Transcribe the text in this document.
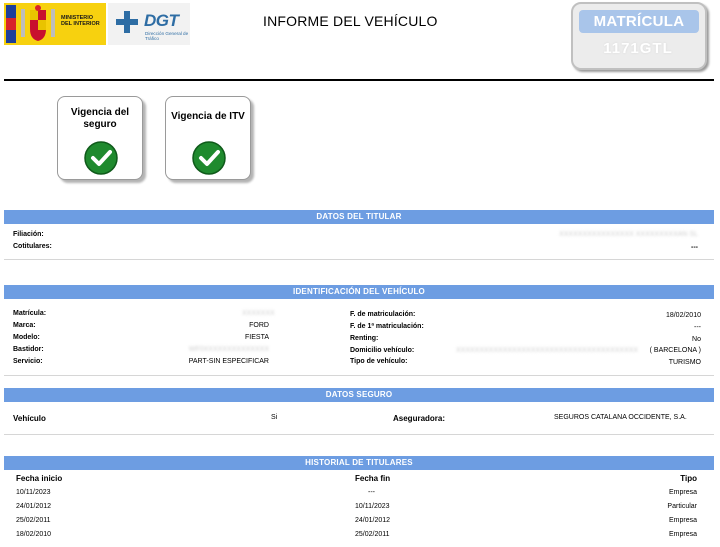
MINISTERIO
DEL INTERIOR	DGT
Dirección General de Tráfico
INFORME DEL VEHÍCULO	MATRÍCULA
1171GTL
Vigencia del seguro
Vigencia de ITV
DATOS DEL TITULAR
Filiación:	XXXXXXXXXXXXXXXX XXXXXXXXXAN SL
Cotitulares:	---
IDENTIFICACIÓN DEL VEHÍCULO
Matrícula:	XXXXXXX
Marca:	FORD
Modelo:	FIESTA
Bastidor:	WF0XXXXXXXXXXXXXX
Servicio:	PART-SIN ESPECIFICAR
F. de matriculación:	18/02/2010
F. de 1ª matriculación:	---
Renting:	No
Domicilio vehículo:	XXXXXXXXXXXXXXXXXXXXXXXXXXXXXXXXXXXXXXX ( BARCELONA )
Tipo de vehículo:	TURISMO
DATOS SEGURO
Vehículo	Si	Aseguradora:	SEGUROS CATALANA OCCIDENTE, S.A.
HISTORIAL DE TITULARES
Fecha inicio	Fecha fin	Tipo
10/11/2023	---	Empresa
24/01/2012	10/11/2023	Particular
25/02/2011	24/01/2012	Empresa
18/02/2010	25/02/2011	Empresa
